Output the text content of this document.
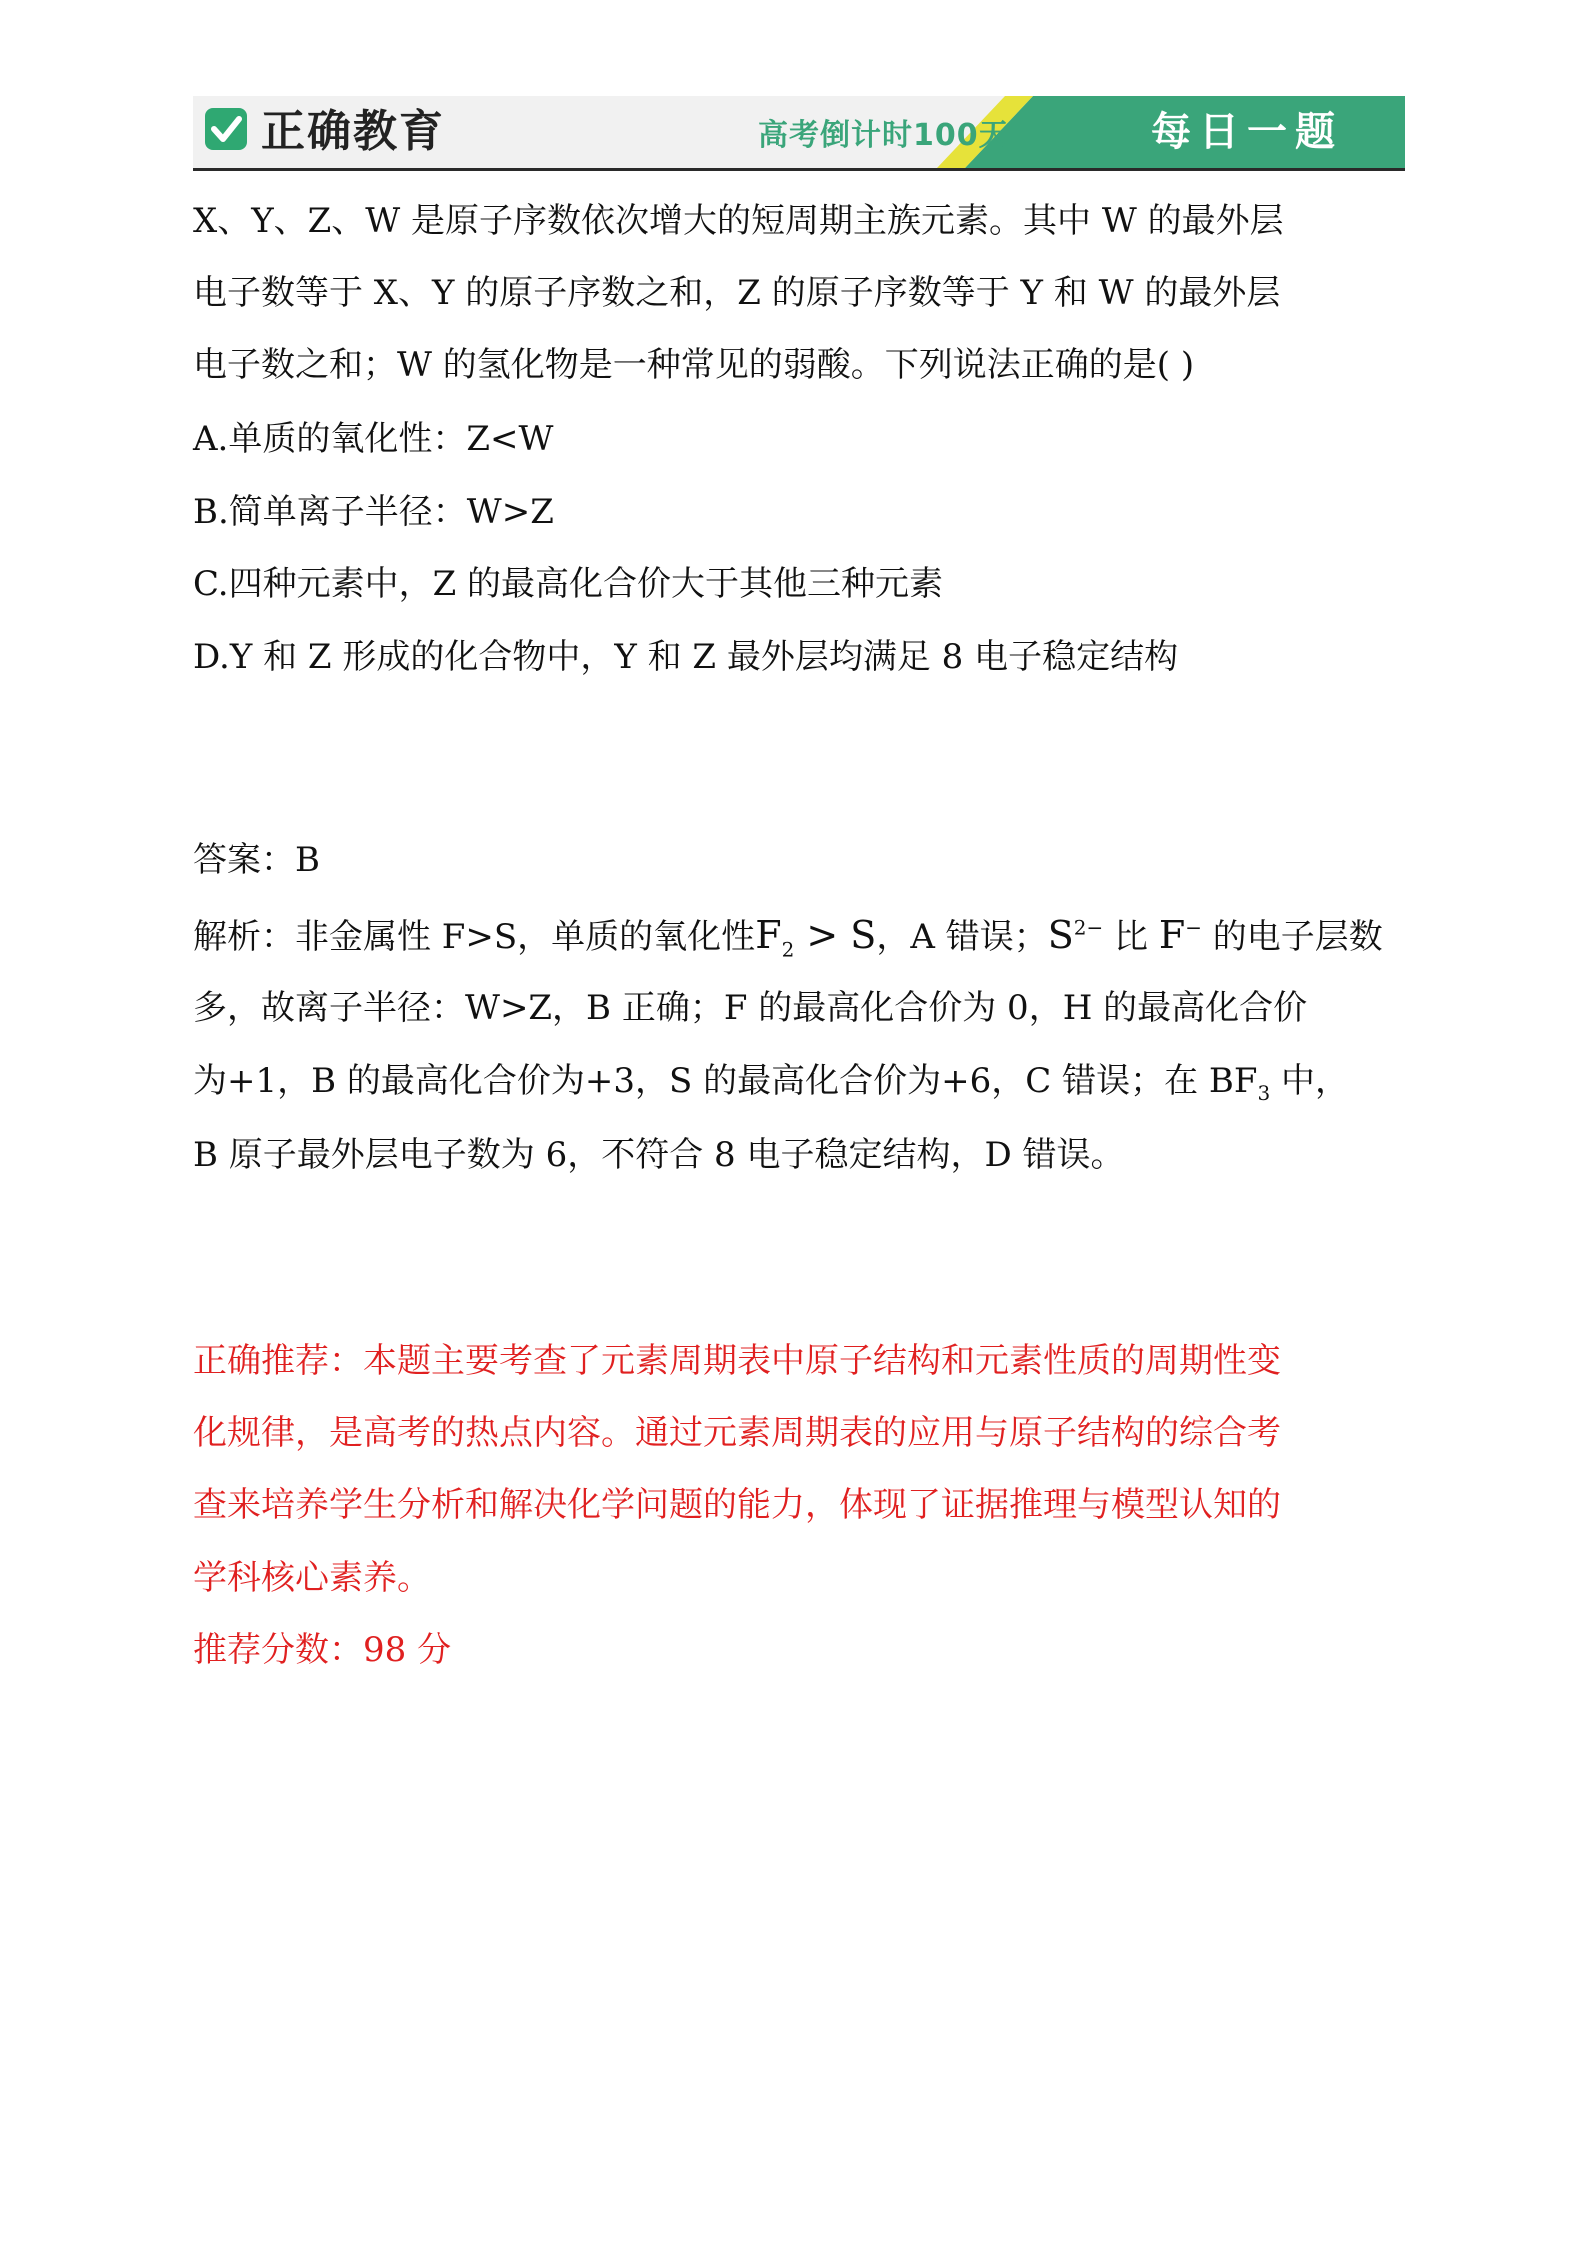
正确教育	高考倒计时100天	每日一题
X、Y、Z、W 是原子序数依次增大的短周期主族元素。其中 W 的最外层
电子数等于 X、Y 的原子序数之和，Z 的原子序数等于 Y 和 W 的最外层
电子数之和；W 的氢化物是一种常见的弱酸。下列说法正确的是( )
A.单质的氧化性：Z<W
B.简单离子半径：W>Z
C.四种元素中，Z 的最高化合价大于其他三种元素
D.Y 和 Z 形成的化合物中，Y 和 Z 最外层均满足 8 电子稳定结构
答案：B
解析：非金属性 F>S，单质的氧化性$F_2 > S$，A 错误；$S^{2-}$ 比 F− 的电子层数
多，故离子半径：W>Z，B 正确；F 的最高化合价为 0，H 的最高化合价
为+1，B 的最高化合价为+3，S 的最高化合价为+6，C 错误；在 $BF_3$ 中，
B 原子最外层电子数为 6，不符合 8 电子稳定结构，D 错误。
正确推荐：本题主要考查了元素周期表中原子结构和元素性质的周期性变
化规律，是高考的热点内容。通过元素周期表的应用与原子结构的综合考
查来培养学生分析和解决化学问题的能力，体现了证据推理与模型认知的
学科核心素养。
推荐分数：98 分
